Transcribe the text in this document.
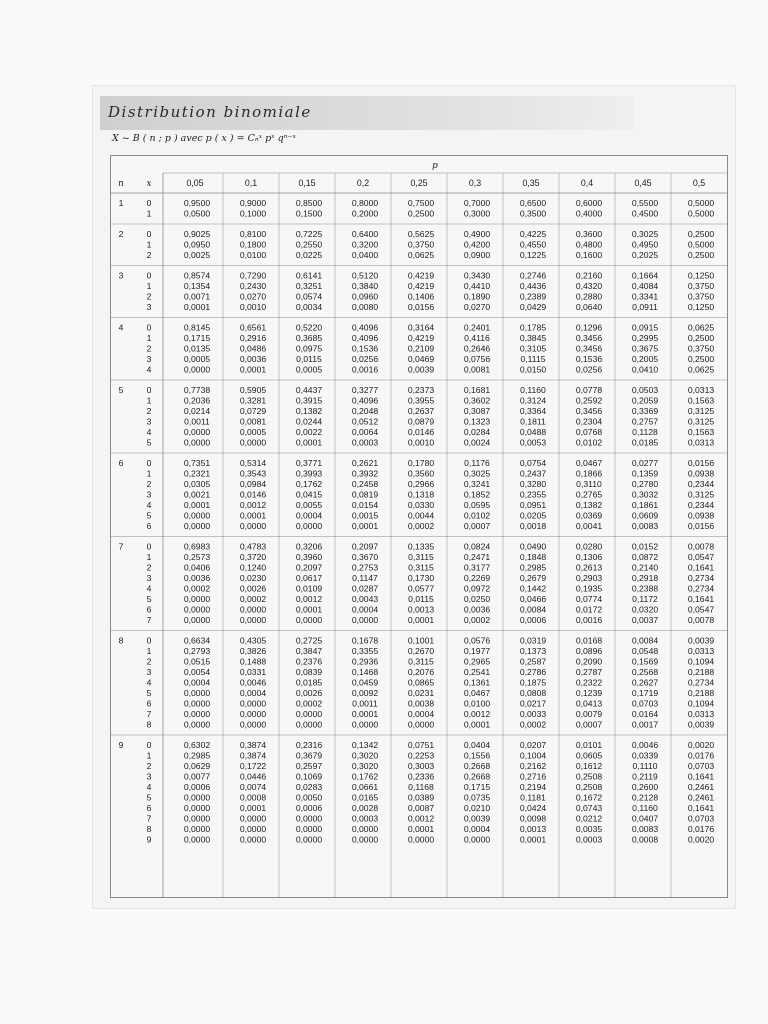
Distribution binomiale
X ~ B ( n ; p ) avec p ( x ) = Cₙˣ pˣ qⁿ⁻ˣ
p
n	x	0,05	0,1	0,15	0,2	0,25	0,3	0,35	0,4	0,45	0,5
1	0	0,9500	0,9000	0,8500	0,8000	0,7500	0,7000	0,6500	0,6000	0,5500	0,5000
1	0,0500	0,1000	0,1500	0,2000	0,2500	0,3000	0,3500	0,4000	0,4500	0,5000
2	0	0,9025	0,8100	0,7225	0,6400	0,5625	0,4900	0,4225	0,3600	0,3025	0,2500
1	0,0950	0,1800	0,2550	0,3200	0,3750	0,4200	0,4550	0,4800	0,4950	0,5000
2	0,0025	0,0100	0,0225	0,0400	0,0625	0,0900	0,1225	0,1600	0,2025	0,2500
3	0	0,8574	0,7290	0,6141	0,5120	0,4219	0,3430	0,2746	0,2160	0,1664	0,1250
1	0,1354	0,2430	0,3251	0,3840	0,4219	0,4410	0,4436	0,4320	0,4084	0,3750
2	0,0071	0,0270	0,0574	0,0960	0,1406	0,1890	0,2389	0,2880	0,3341	0,3750
3	0,0001	0,0010	0,0034	0,0080	0,0156	0,0270	0,0429	0,0640	0,0911	0,1250
4	0	0,8145	0,6561	0,5220	0,4096	0,3164	0,2401	0,1785	0,1296	0,0915	0,0625
1	0,1715	0,2916	0,3685	0,4096	0,4219	0,4116	0,3845	0,3456	0,2995	0,2500
2	0,0135	0,0486	0,0975	0,1536	0,2109	0,2646	0,3105	0,3456	0,3675	0,3750
3	0,0005	0,0036	0,0115	0,0256	0,0469	0,0756	0,1115	0,1536	0,2005	0,2500
4	0,0000	0,0001	0,0005	0,0016	0,0039	0,0081	0,0150	0,0256	0,0410	0,0625
5	0	0,7738	0,5905	0,4437	0,3277	0,2373	0,1681	0,1160	0,0778	0,0503	0,0313
1	0,2036	0,3281	0,3915	0,4096	0,3955	0,3602	0,3124	0,2592	0,2059	0,1563
2	0,0214	0,0729	0,1382	0,2048	0,2637	0,3087	0,3364	0,3456	0,3369	0,3125
3	0,0011	0,0081	0,0244	0,0512	0,0879	0,1323	0,1811	0,2304	0,2757	0,3125
4	0,0000	0,0005	0,0022	0,0064	0,0146	0,0284	0,0488	0,0768	0,1128	0,1563
5	0,0000	0,0000	0,0001	0,0003	0,0010	0,0024	0,0053	0,0102	0,0185	0,0313
6	0	0,7351	0,5314	0,3771	0,2621	0,1780	0,1176	0,0754	0,0467	0,0277	0,0156
1	0,2321	0,3543	0,3993	0,3932	0,3560	0,3025	0,2437	0,1866	0,1359	0,0938
2	0,0305	0,0984	0,1762	0,2458	0,2966	0,3241	0,3280	0,3110	0,2780	0,2344
3	0,0021	0,0146	0,0415	0,0819	0,1318	0,1852	0,2355	0,2765	0,3032	0,3125
4	0,0001	0,0012	0,0055	0,0154	0,0330	0,0595	0,0951	0,1382	0,1861	0,2344
5	0,0000	0,0001	0,0004	0,0015	0,0044	0,0102	0,0205	0,0369	0,0609	0,0938
6	0,0000	0,0000	0,0000	0,0001	0,0002	0,0007	0,0018	0,0041	0,0083	0,0156
7	0	0,6983	0,4783	0,3206	0,2097	0,1335	0,0824	0,0490	0,0280	0,0152	0,0078
1	0,2573	0,3720	0,3960	0,3670	0,3115	0,2471	0,1848	0,1306	0,0872	0,0547
2	0,0406	0,1240	0,2097	0,2753	0,3115	0,3177	0,2985	0,2613	0,2140	0,1641
3	0,0036	0,0230	0,0617	0,1147	0,1730	0,2269	0,2679	0,2903	0,2918	0,2734
4	0,0002	0,0026	0,0109	0,0287	0,0577	0,0972	0,1442	0,1935	0,2388	0,2734
5	0,0000	0,0002	0,0012	0,0043	0,0115	0,0250	0,0466	0,0774	0,1172	0,1641
6	0,0000	0,0000	0,0001	0,0004	0,0013	0,0036	0,0084	0,0172	0,0320	0,0547
7	0,0000	0,0000	0,0000	0,0000	0,0001	0,0002	0,0006	0,0016	0,0037	0,0078
8	0	0,6634	0,4305	0,2725	0,1678	0,1001	0,0576	0,0319	0,0168	0,0084	0,0039
1	0,2793	0,3826	0,3847	0,3355	0,2670	0,1977	0,1373	0,0896	0,0548	0,0313
2	0,0515	0,1488	0,2376	0,2936	0,3115	0,2965	0,2587	0,2090	0,1569	0,1094
3	0,0054	0,0331	0,0839	0,1468	0,2076	0,2541	0,2786	0,2787	0,2568	0,2188
4	0,0004	0,0046	0,0185	0,0459	0,0865	0,1361	0,1875	0,2322	0,2627	0,2734
5	0,0000	0,0004	0,0026	0,0092	0,0231	0,0467	0,0808	0,1239	0,1719	0,2188
6	0,0000	0,0000	0,0002	0,0011	0,0038	0,0100	0,0217	0,0413	0,0703	0,1094
7	0,0000	0,0000	0,0000	0,0001	0,0004	0,0012	0,0033	0,0079	0,0164	0,0313
8	0,0000	0,0000	0,0000	0,0000	0,0000	0,0001	0,0002	0,0007	0,0017	0,0039
9	0	0,6302	0,3874	0,2316	0,1342	0,0751	0,0404	0,0207	0,0101	0,0046	0,0020
1	0,2985	0,3874	0,3679	0,3020	0,2253	0,1556	0,1004	0,0605	0,0339	0,0176
2	0,0629	0,1722	0,2597	0,3020	0,3003	0,2668	0,2162	0,1612	0,1110	0,0703
3	0,0077	0,0446	0,1069	0,1762	0,2336	0,2668	0,2716	0,2508	0,2119	0,1641
4	0,0006	0,0074	0,0283	0,0661	0,1168	0,1715	0,2194	0,2508	0,2600	0,2461
5	0,0000	0,0008	0,0050	0,0165	0,0389	0,0735	0,1181	0,1672	0,2128	0,2461
6	0,0000	0,0001	0,0006	0,0028	0,0087	0,0210	0,0424	0,0743	0,1160	0,1641
7	0,0000	0,0000	0,0000	0,0003	0,0012	0,0039	0,0098	0,0212	0,0407	0,0703
8	0,0000	0,0000	0,0000	0,0000	0,0001	0,0004	0,0013	0,0035	0,0083	0,0176
9	0,0000	0,0000	0,0000	0,0000	0,0000	0,0000	0,0001	0,0003	0,0008	0,0020
